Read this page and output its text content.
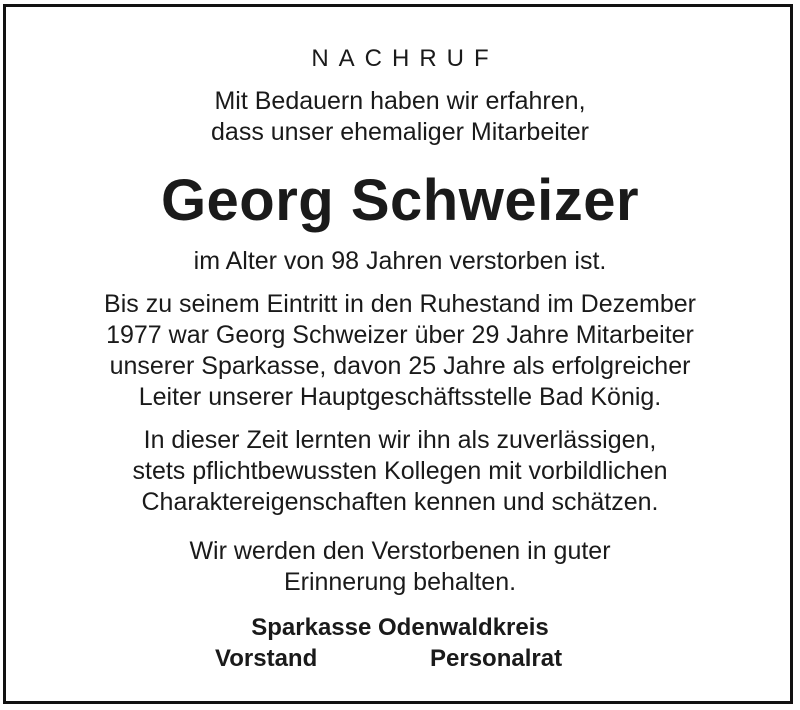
NACHRUF
Mit Bedauern haben wir erfahren,
dass unser ehemaliger Mitarbeiter
Georg Schweizer
im Alter von 98 Jahren verstorben ist.
Bis zu seinem Eintritt in den Ruhestand im Dezember
1977 war Georg Schweizer über 29 Jahre Mitarbeiter
unserer Sparkasse, davon 25 Jahre als erfolgreicher
Leiter unserer Hauptgeschäftsstelle Bad König.
In dieser Zeit lernten wir ihn als zuverlässigen,
stets pflichtbewussten Kollegen mit vorbildlichen
Charaktereigenschaften kennen und schätzen.
Wir werden den Verstorbenen in guter
Erinnerung behalten.
Sparkasse Odenwaldkreis
Vorstand	Personalrat
